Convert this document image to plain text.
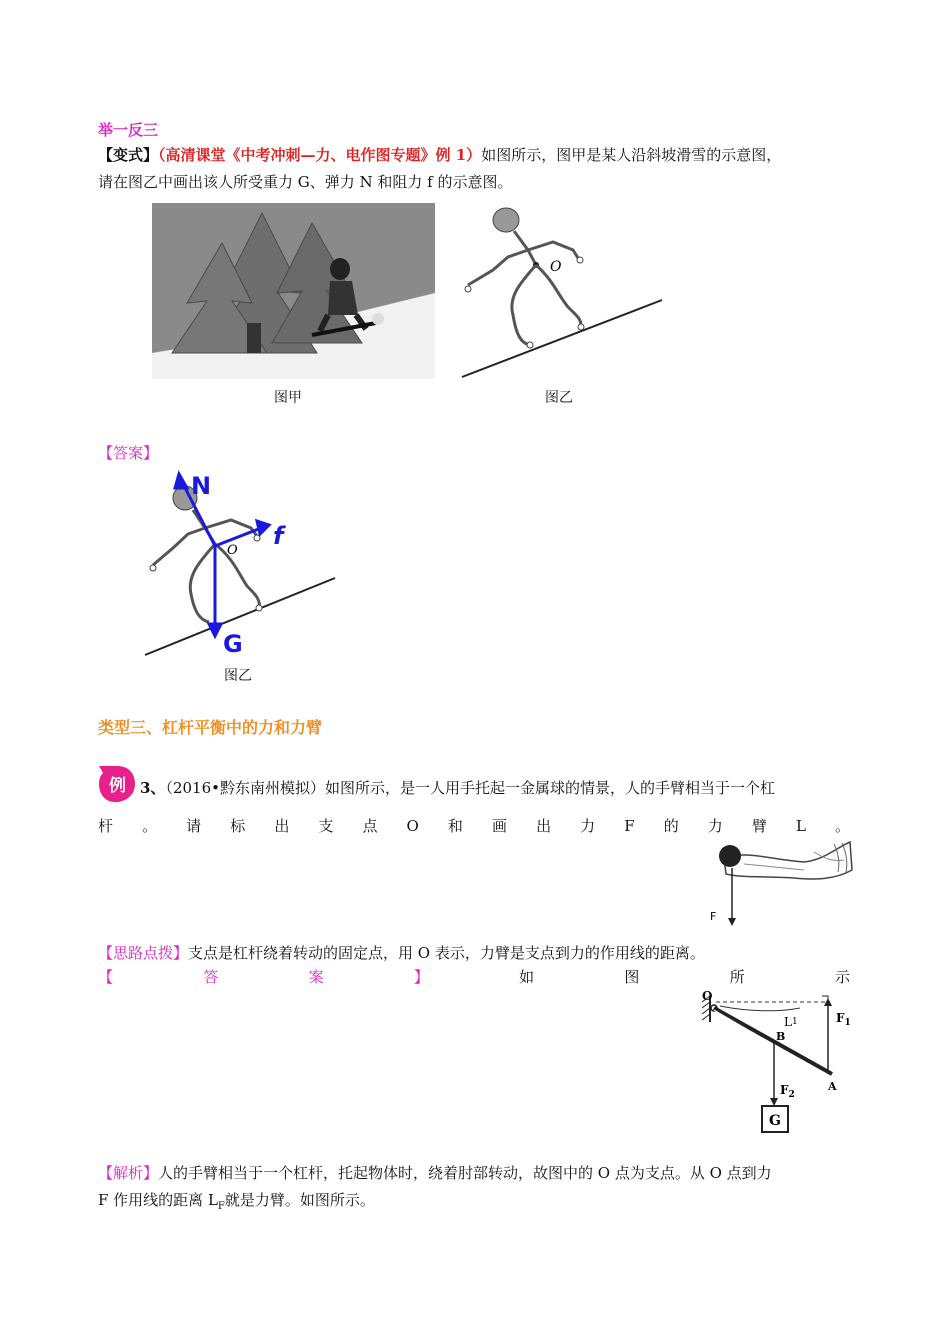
举一反三
【变式】（高清课堂《中考冲刺—力、电作图专题》例 1）如图所示，图甲是某人沿斜坡滑雪的示意图，
请在图乙中画出该人所受重力 G、弹力 N 和阻力 f 的示意图。
图甲
O
图乙
【答案】
O
N
f
G
图乙
类型三、杠杆平衡中的力和力臂
例 3、（2016•黔东南州模拟）如图所示，是一人用手托起一金属球的情景，人的手臂相当于一个杠
杆 。 请 标 出 支 点 O 和 画 出 力 F 的 力 臂 L 。
F
【思路点拨】支点是杠杆绕着转动的固定点，用 O 表示，力臂是支点到力的作用线的距离。
【	答	案	】	如	图	所	示
O
L1	$F_1$
B
$F_2$
A
G
【解析】人的手臂相当于一个杠杆，托起物体时，绕着肘部转动，故图中的 O 点为支点。从 O 点到力
F 作用线的距离 $L_F$就是力臂。如图所示。
